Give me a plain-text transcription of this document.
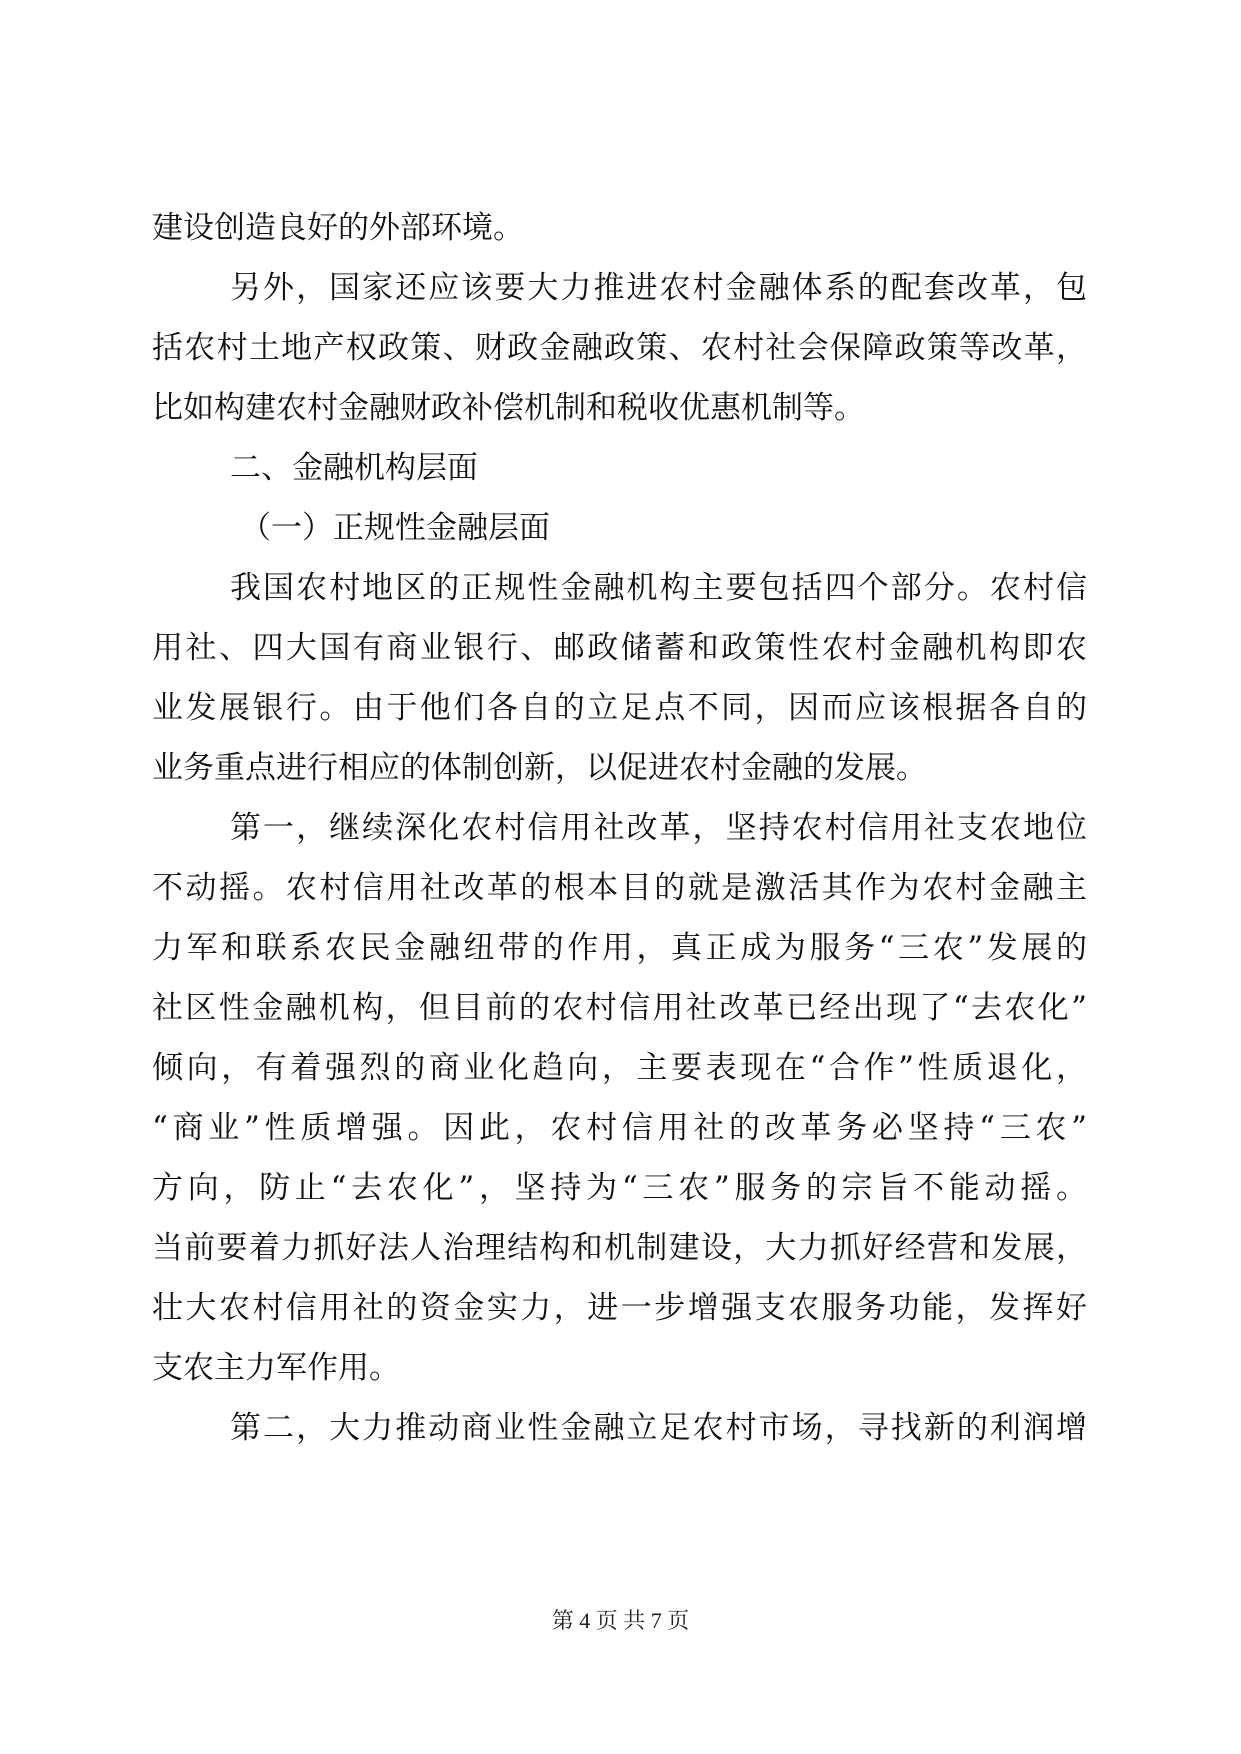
建设创造良好的外部环境。
另外，国家还应该要大力推进农村金融体系的配套改革，包
括农村土地产权政策、财政金融政策、农村社会保障政策等改革，
比如构建农村金融财政补偿机制和税收优惠机制等。
二、金融机构层面
（一）正规性金融层面
我国农村地区的正规性金融机构主要包括四个部分。农村信
用社、四大国有商业银行、邮政储蓄和政策性农村金融机构即农
业发展银行。由于他们各自的立足点不同，因而应该根据各自的
业务重点进行相应的体制创新，以促进农村金融的发展。
第一，继续深化农村信用社改革，坚持农村信用社支农地位
不动摇。农村信用社改革的根本目的就是激活其作为农村金融主
力军和联系农民金融纽带的作用，真正成为服务“三农”发展的
社区性金融机构，但目前的农村信用社改革已经出现了“去农化”
倾向，有着强烈的商业化趋向，主要表现在“合作”性质退化，
“商业”性质增强。因此，农村信用社的改革务必坚持“三农”
方向，防止“去农化”，坚持为“三农”服务的宗旨不能动摇。
当前要着力抓好法人治理结构和机制建设，大力抓好经营和发展，
壮大农村信用社的资金实力，进一步增强支农服务功能，发挥好
支农主力军作用。
第二，大力推动商业性金融立足农村市场，寻找新的利润增
第 4 页 共 7 页
